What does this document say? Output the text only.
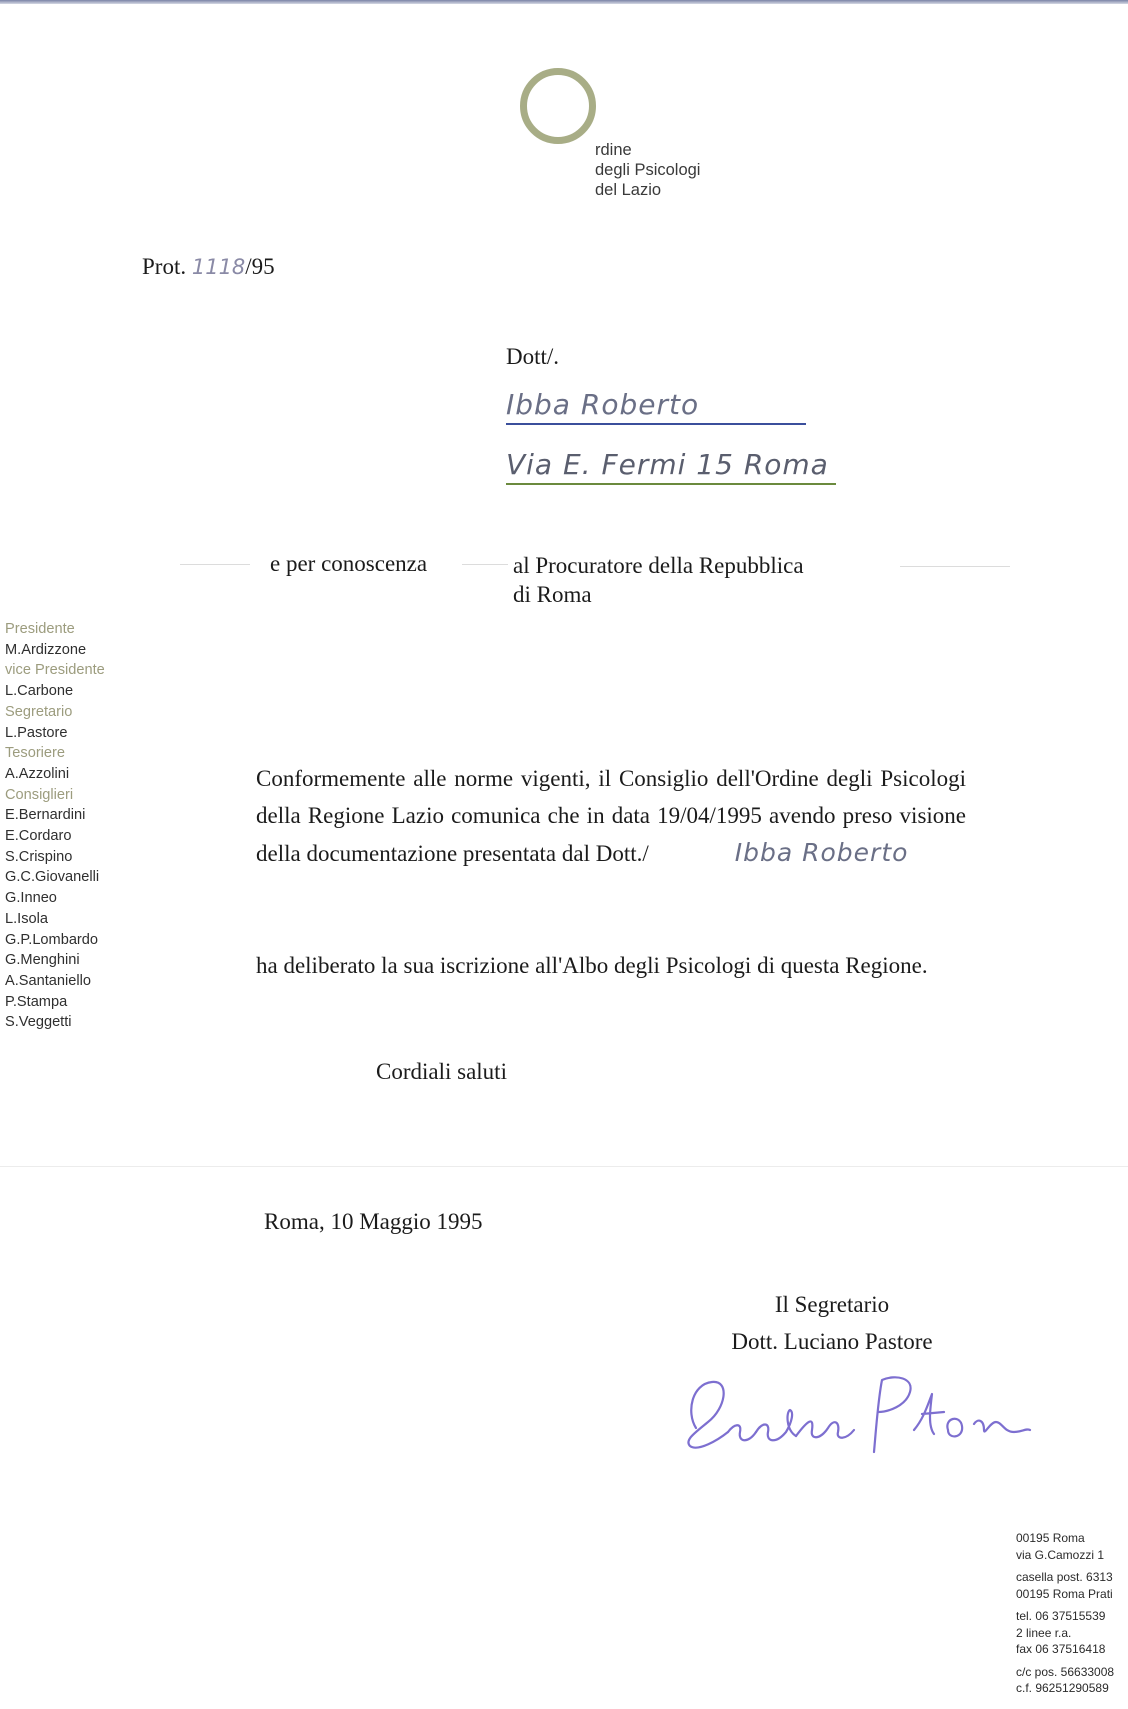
rdine
degli Psicologi
del Lazio
Prot. 1118/95
Dott/.
Ibba Roberto
Via E. Fermi 15 Roma
e per conoscenza	al Procuratore della Repubblica
di Roma
Presidente
M.Ardizzone
vice Presidente
L.Carbone
Segretario
L.Pastore
Tesoriere
A.Azzolini
Consiglieri
E.Bernardini
E.Cordaro
S.Crispino
G.C.Giovanelli
G.Inneo
L.Isola
G.P.Lombardo
G.Menghini
A.Santaniello
P.Stampa
S.Veggetti
Conformemente alle norme vigenti, il Consiglio dell'Ordine degli Psicologi della Regione Lazio comunica che in data 19/04/1995 avendo preso visione della documentazione presentata dal Dott./	Ibba Roberto
ha deliberato la sua iscrizione all'Albo degli Psicologi di questa Regione.
Cordiali saluti
Roma, 10 Maggio 1995
Il Segretario
Dott. Luciano Pastore
00195 Roma
via G.Camozzi 1
casella post. 6313
00195 Roma Prati
tel. 06 37515539
2 linee r.a.
fax 06 37516418
c/c pos. 56633008
c.f. 96251290589
